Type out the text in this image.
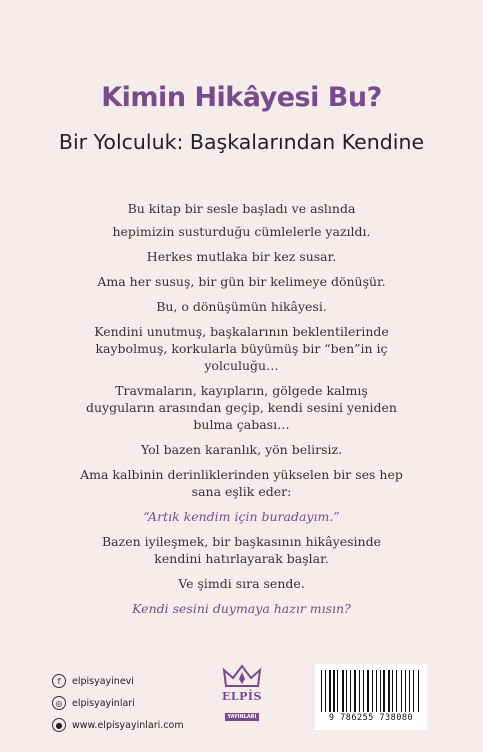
Kimin Hikâyesi Bu?
Bir Yolculuk: Başkalarından Kendine

Bu kitap bir sesle başladı ve aslında

hepimizin susturduğu cümlelerle yazıldı.

Herkes mutlaka bir kez susar.

Ama her susuş, bir gün bir kelimeye dönüşür.

Bu, o dönüşümün hikâyesi.

Kendini unutmuş, başkalarının beklentilerinde kaybolmuş, korkularla büyümüş bir “ben”in iç yolculuğu…

Travmaların, kayıpların, gölgede kalmış duyguların arasından geçip, kendi sesini yeniden bulma çabası…

Yol bazen karanlık, yön belirsiz.

Ama kalbinin derinliklerinden yükselen bir ses hep sana eşlik eder:

“Artık kendim için buradayım.”

Bazen iyileşmek, bir başkasının hikâyesinde kendini hatırlayarak başlar.

Ve şimdi sıra sende.

Kendi sesini duymaya hazır mısın?

f	elpisyayinevi
◎	elpisyayinlari
●	www.elpisyayinlari.com
ELPİS
YAYINLARI	9 786255 738080
